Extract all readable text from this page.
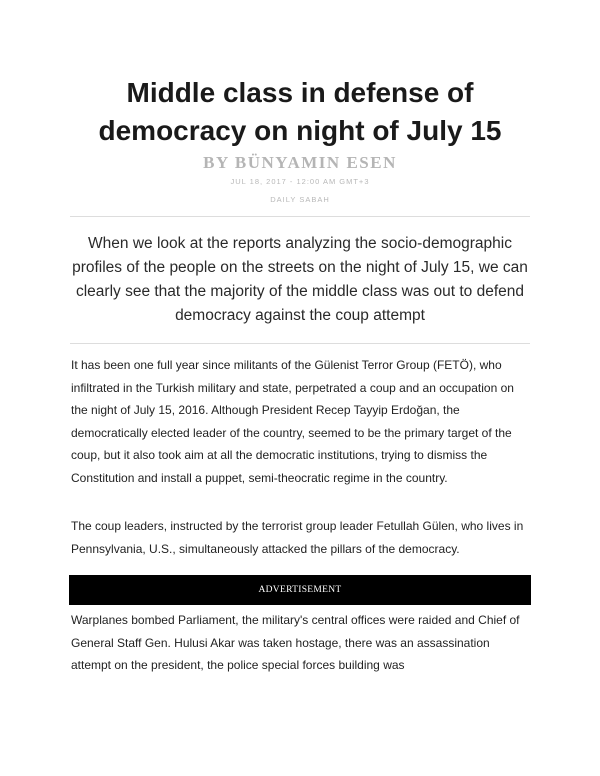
Middle class in defense of democracy on night of July 15
BY BÜNYAMIN ESEN
JUL 18, 2017 - 12:00 AM GMT+3
DAILY SABAH

When we look at the reports analyzing the socio-demographic profiles of the people on the streets on the night of July 15, we can clearly see that the majority of the middle class was out to defend democracy against the coup attempt

It has been one full year since militants of the Gülenist Terror Group (FETÖ), who infiltrated in the Turkish military and state, perpetrated a coup and an occupation on the night of July 15, 2016. Although President Recep Tayyip Erdoğan, the democratically elected leader of the country, seemed to be the primary target of the coup, but it also took aim at all the democratic institutions, trying to dismiss the Constitution and install a puppet, semi-theocratic regime in the country.

The coup leaders, instructed by the terrorist group leader Fetullah Gülen, who lives in Pennsylvania, U.S., simultaneously attacked the pillars of the democracy.

ADVERTISEMENT

Warplanes bombed Parliament, the military's central offices were raided and Chief of General Staff Gen. Hulusi Akar was taken hostage, there was an assassination attempt on the president, the police special forces building was
